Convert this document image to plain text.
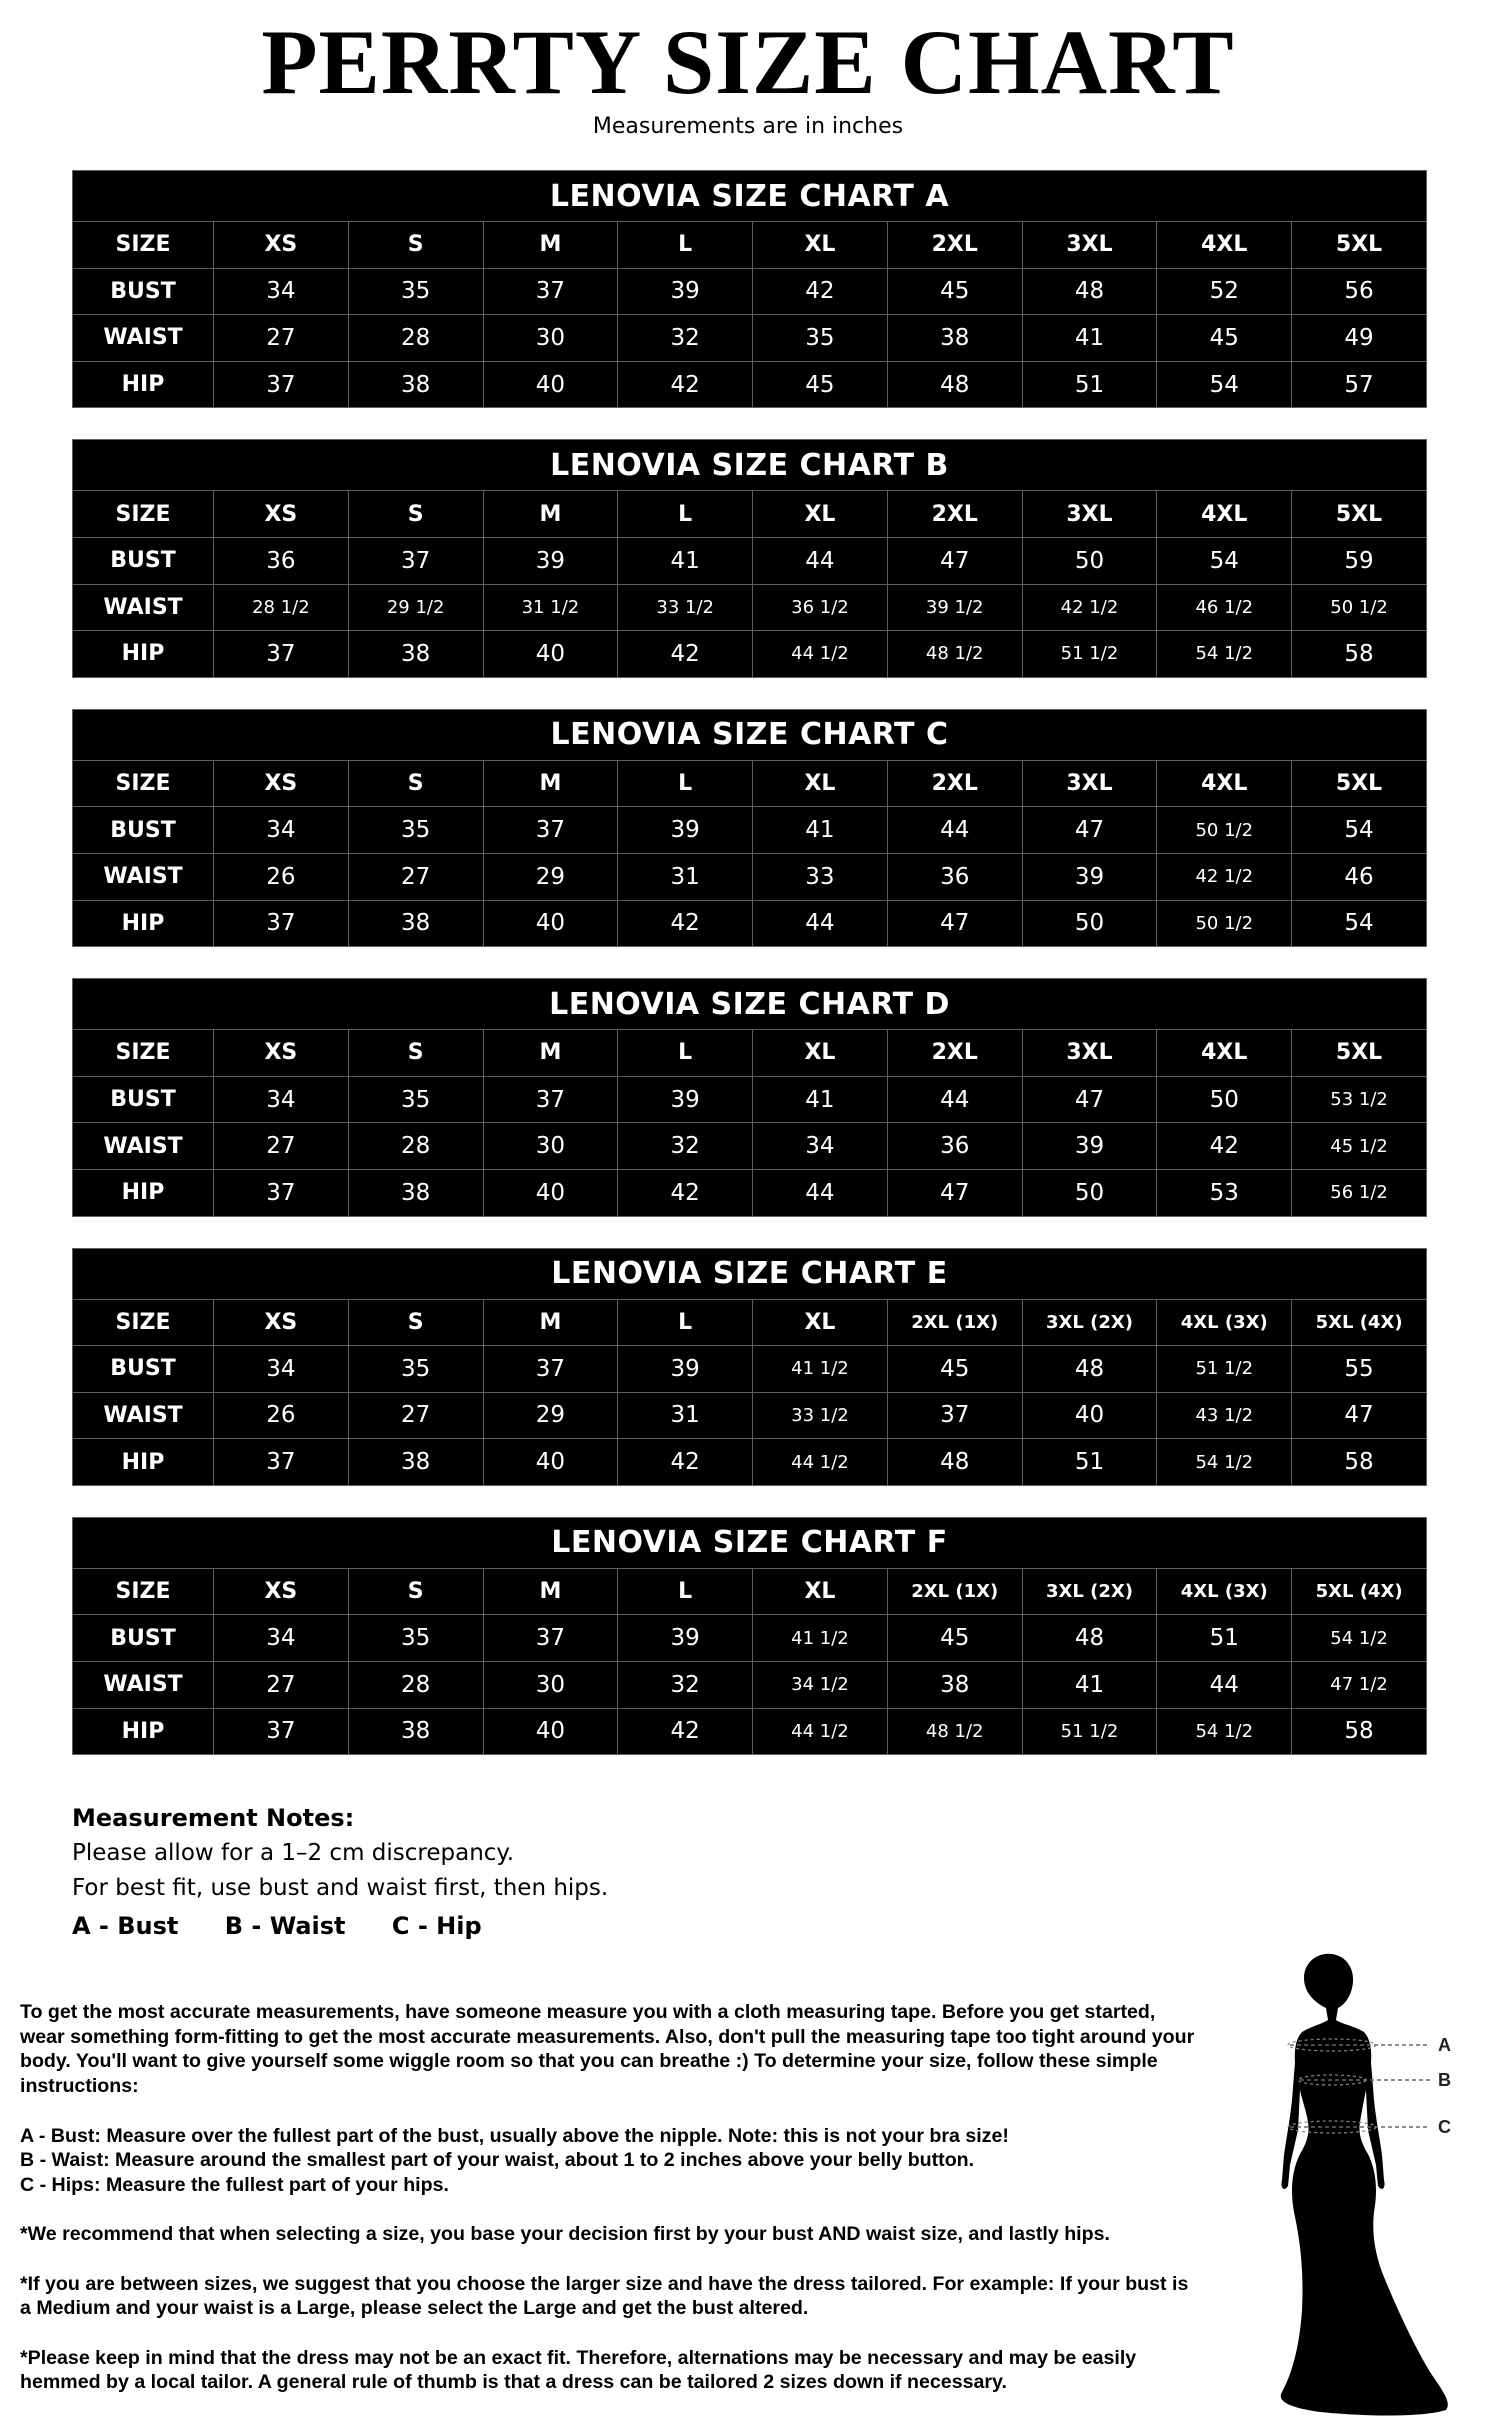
PERRTY SIZE CHART
Measurements are in inches
LENOVIA SIZE CHART A									
SIZE	XS	S	M	L	XL	2XL	3XL	4XL	5XL
BUST	34	35	37	39	42	45	48	52	56
WAIST	27	28	30	32	35	38	41	45	49
HIP	37	38	40	42	45	48	51	54	57
LENOVIA SIZE CHART B									
SIZE	XS	S	M	L	XL	2XL	3XL	4XL	5XL
BUST	36	37	39	41	44	47	50	54	59
WAIST	28 1/2	29 1/2	31 1/2	33 1/2	36 1/2	39 1/2	42 1/2	46 1/2	50 1/2
HIP	37	38	40	42	44 1/2	48 1/2	51 1/2	54 1/2	58
LENOVIA SIZE CHART C									
SIZE	XS	S	M	L	XL	2XL	3XL	4XL	5XL
BUST	34	35	37	39	41	44	47	50 1/2	54
WAIST	26	27	29	31	33	36	39	42 1/2	46
HIP	37	38	40	42	44	47	50	50 1/2	54
LENOVIA SIZE CHART D									
SIZE	XS	S	M	L	XL	2XL	3XL	4XL	5XL
BUST	34	35	37	39	41	44	47	50	53 1/2
WAIST	27	28	30	32	34	36	39	42	45 1/2
HIP	37	38	40	42	44	47	50	53	56 1/2
LENOVIA SIZE CHART E									
SIZE	XS	S	M	L	XL	2XL (1X)	3XL (2X)	4XL (3X)	5XL (4X)
BUST	34	35	37	39	41 1/2	45	48	51 1/2	55
WAIST	26	27	29	31	33 1/2	37	40	43 1/2	47
HIP	37	38	40	42	44 1/2	48	51	54 1/2	58
LENOVIA SIZE CHART F									
SIZE	XS	S	M	L	XL	2XL (1X)	3XL (2X)	4XL (3X)	5XL (4X)
BUST	34	35	37	39	41 1/2	45	48	51	54 1/2
WAIST	27	28	30	32	34 1/2	38	41	44	47 1/2
HIP	37	38	40	42	44 1/2	48 1/2	51 1/2	54 1/2	58
Measurement Notes:
Please allow for a 1–2 cm discrepancy.
For best fit, use bust and waist first, then hips.
A - Bust B - Waist C - Hip

To get the most accurate measurements, have someone measure you with a cloth measuring tape. Before you get started, wear something form-fitting to get the most accurate measurements. Also, don't pull the measuring tape too tight around your body. You'll want to give yourself some wiggle room so that you can breathe :) To determine your size, follow these simple instructions:

A - Bust: Measure over the fullest part of the bust, usually above the nipple. Note: this is not your bra size!

B - Waist: Measure around the smallest part of your waist, about 1 to 2 inches above your belly button.

C - Hips: Measure the fullest part of your hips.

*We recommend that when selecting a size, you base your decision first by your bust AND waist size, and lastly hips.

*If you are between sizes, we suggest that you choose the larger size and have the dress tailored. For example: If your bust is a Medium and your waist is a Large, please select the Large and get the bust altered.

*Please keep in mind that the dress may not be an exact fit. Therefore, alternations may be necessary and may be easily hemmed by a local tailor. A general rule of thumb is that a dress can be tailored 2 sizes down if necessary.

A
B
C
